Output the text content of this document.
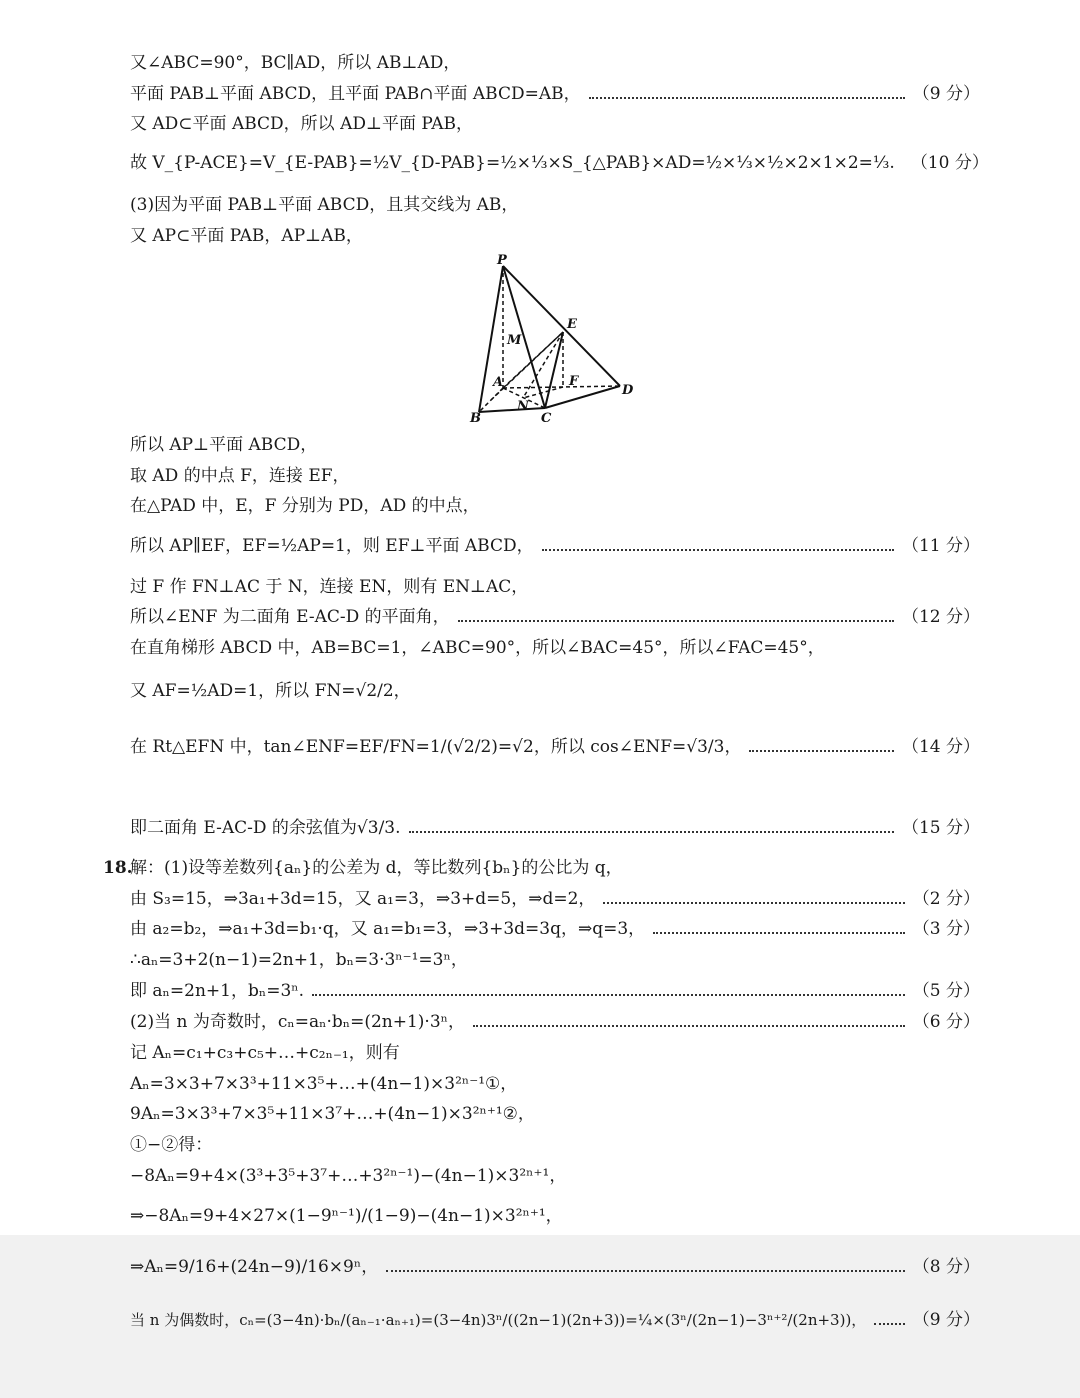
又∠ABC=90°，BC∥AD，所以 AB⊥AD，
平面 PAB⊥平面 ABCD，且平面 PAB∩平面 ABCD=AB，	（9 分）
又 AD⊂平面 ABCD，所以 AD⊥平面 PAB，
故 V_{P-ACE}=V_{E-PAB}=½V_{D-PAB}=½×⅓×S_{△PAB}×AD=½×⅓×½×2×1×2=⅓. （10 分）
(3)因为平面 PAB⊥平面 ABCD，且其交线为 AB，
又 AP⊂平面 PAB，AP⊥AB，
P
M
E
A	F
D
B
N
C
所以 AP⊥平面 ABCD，
取 AD 的中点 F，连接 EF，
在△PAD 中，E，F 分别为 PD，AD 的中点，
所以 AP∥EF，EF=½AP=1，则 EF⊥平面 ABCD，	（11 分）
过 F 作 FN⊥AC 于 N，连接 EN，则有 EN⊥AC，
所以∠ENF 为二面角 E-AC-D 的平面角，	（12 分）
在直角梯形 ABCD 中，AB=BC=1，∠ABC=90°，所以∠BAC=45°，所以∠FAC=45°，
又 AF=½AD=1，所以 FN=√2/2，
在 Rt△EFN 中，tan∠ENF=EF/FN=1/(√2/2)=√2，所以 cos∠ENF=√3/3，	（14 分）
即二面角 E-AC-D 的余弦值为√3/3.	（15 分）
18.
解：(1)设等差数列{aₙ}的公差为 d，等比数列{bₙ}的公比为 q，
由 S₃=15，⇒3a₁+3d=15，又 a₁=3，⇒3+d=5，⇒d=2，	（2 分）
由 a₂=b₂，⇒a₁+3d=b₁·q，又 a₁=b₁=3，⇒3+3d=3q，⇒q=3，	（3 分）
∴aₙ=3+2(n−1)=2n+1，bₙ=3·3ⁿ⁻¹=3ⁿ，
即 aₙ=2n+1，bₙ=3ⁿ.	（5 分）
(2)当 n 为奇数时，cₙ=aₙ·bₙ=(2n+1)·3ⁿ，	（6 分）
记 Aₙ=c₁+c₃+c₅+…+c₂ₙ₋₁，则有
Aₙ=3×3+7×3³+11×3⁵+…+(4n−1)×3²ⁿ⁻¹①，
9Aₙ=3×3³+7×3⁵+11×3⁷+…+(4n−1)×3²ⁿ⁺¹②，
①−②得：
−8Aₙ=9+4×(3³+3⁵+3⁷+…+3²ⁿ⁻¹)−(4n−1)×3²ⁿ⁺¹，
⇒−8Aₙ=9+4×27×(1−9ⁿ⁻¹)/(1−9)−(4n−1)×3²ⁿ⁺¹，
⇒Aₙ=9/16+(24n−9)/16×9ⁿ，	（8 分）
当 n 为偶数时，cₙ=(3−4n)·bₙ/(aₙ₋₁·aₙ₊₁)=(3−4n)3ⁿ/((2n−1)(2n+3))=¼×(3ⁿ/(2n−1)−3ⁿ⁺²/(2n+3))，	（9 分）
